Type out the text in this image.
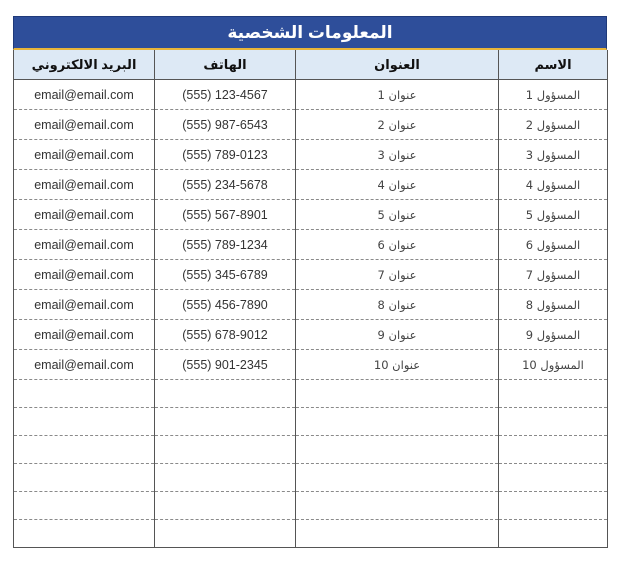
المعلومات الشخصية
الاسم	العنوان	الهاتف	البريد الالكتروني
المسؤول 1	عنوان 1	(555) 123-4567	email@email.com
المسؤول 2	عنوان 2	(555) 987-6543	email@email.com
المسؤول 3	عنوان 3	(555) 789-0123	email@email.com
المسؤول 4	عنوان 4	(555) 234-5678	email@email.com
المسؤول 5	عنوان 5	(555) 567-8901	email@email.com
المسؤول 6	عنوان 6	(555) 789-1234	email@email.com
المسؤول 7	عنوان 7	(555) 345-6789	email@email.com
المسؤول 8	عنوان 8	(555) 456-7890	email@email.com
المسؤول 9	عنوان 9	(555) 678-9012	email@email.com
المسؤول 10	عنوان 10	(555) 901-2345	email@email.com
